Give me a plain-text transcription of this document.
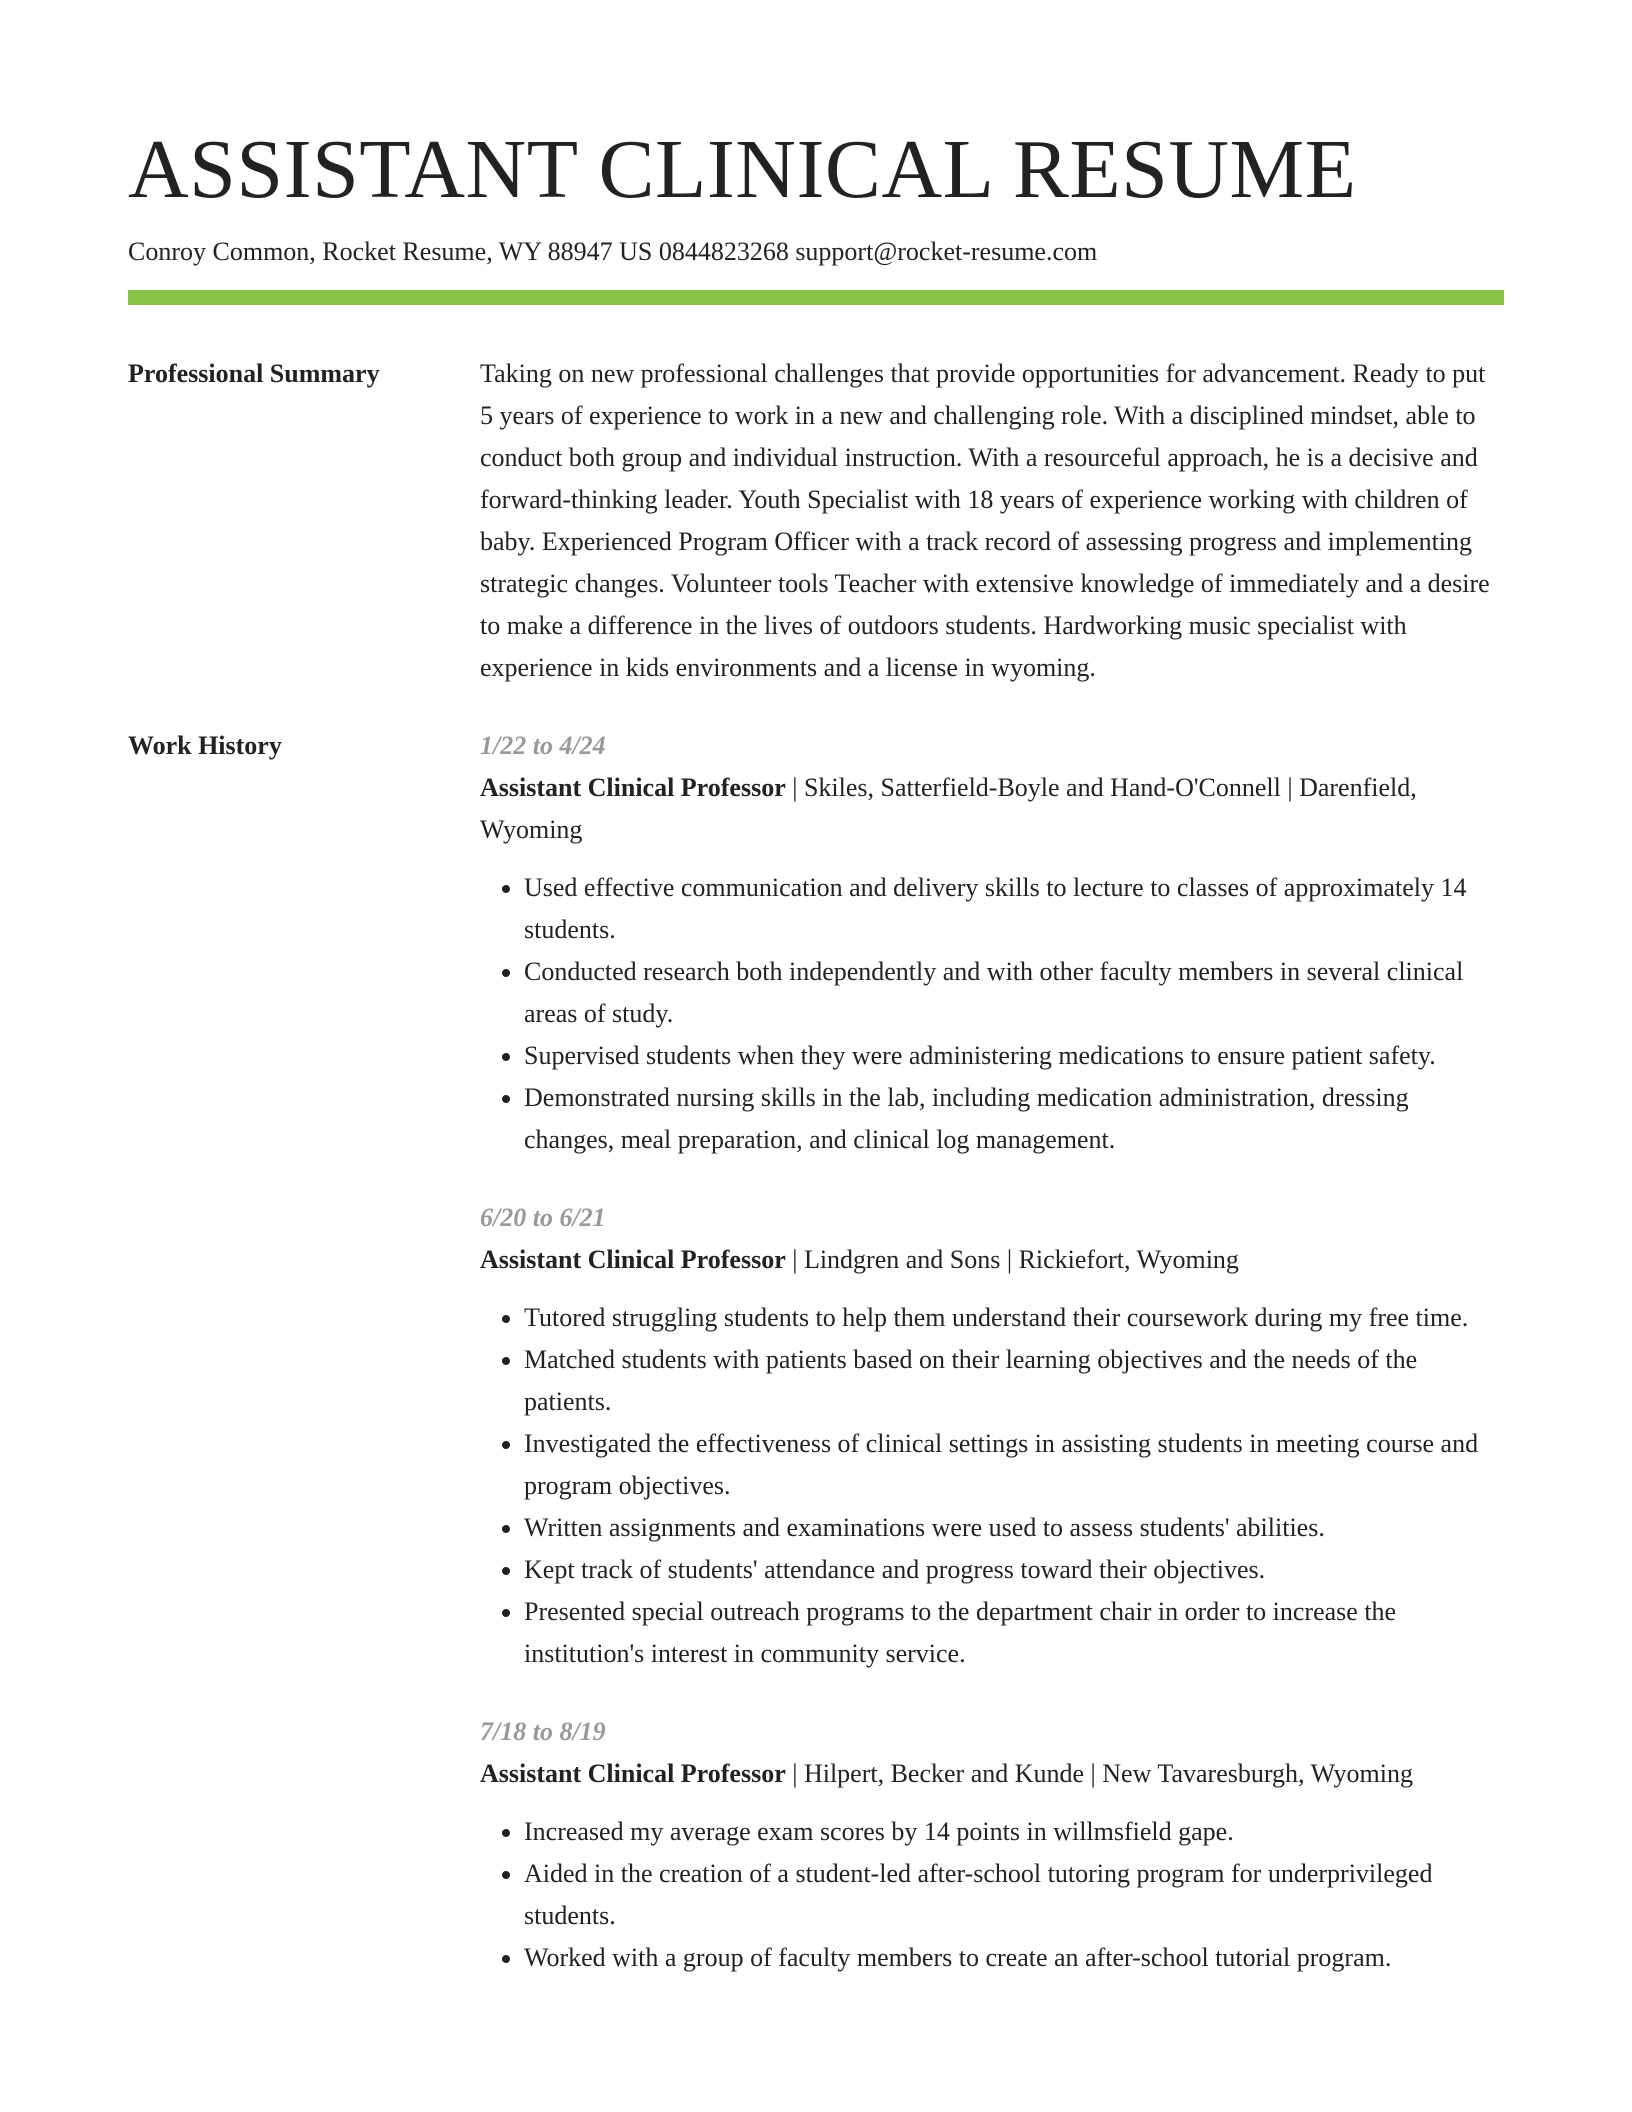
ASSISTANT CLINICAL RESUME
Conroy Common, Rocket Resume, WY 88947 US 0844823268 support@rocket-resume.com
Professional Summary	Taking on new professional challenges that provide opportunities for advancement. Ready to put 5 years of experience to work in a new and challenging role. With a disciplined mindset, able to conduct both group and individual instruction. With a resourceful approach, he is a decisive and forward-thinking leader. Youth Specialist with 18 years of experience working with children of baby. Experienced Program Officer with a track record of assessing progress and implementing strategic changes. Volunteer tools Teacher with extensive knowledge of immediately and a desire to make a difference in the lives of outdoors students. Hardworking music specialist with experience in kids environments and a license in wyoming.

Work History	1/22 to 4/24
Assistant Clinical Professor | Skiles, Satterfield-Boyle and Hand-O'Connell | Darenfield, Wyoming
• Used effective communication and delivery skills to lecture to classes of approximately 14 students.
• Conducted research both independently and with other faculty members in several clinical areas of study.
• Supervised students when they were administering medications to ensure patient safety.
• Demonstrated nursing skills in the lab, including medication administration, dressing changes, meal preparation, and clinical log management.
6/20 to 6/21
Assistant Clinical Professor | Lindgren and Sons | Rickiefort, Wyoming
• Tutored struggling students to help them understand their coursework during my free time.
• Matched students with patients based on their learning objectives and the needs of the patients.
• Investigated the effectiveness of clinical settings in assisting students in meeting course and program objectives.
• Written assignments and examinations were used to assess students' abilities.
• Kept track of students' attendance and progress toward their objectives.
• Presented special outreach programs to the department chair in order to increase the institution's interest in community service.
7/18 to 8/19
Assistant Clinical Professor | Hilpert, Becker and Kunde | New Tavaresburgh, Wyoming
• Increased my average exam scores by 14 points in willmsfield gape.
• Aided in the creation of a student-led after-school tutoring program for underprivileged students.
• Worked with a group of faculty members to create an after-school tutorial program.
